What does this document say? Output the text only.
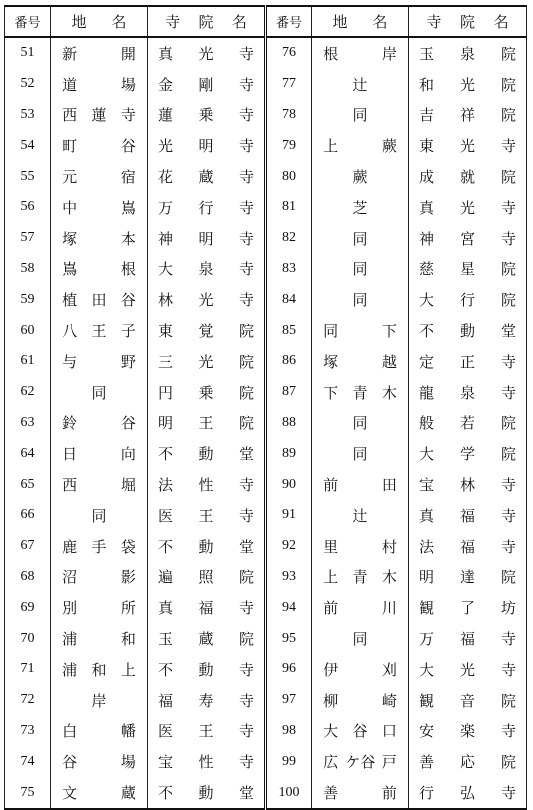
番号	地 名	寺 院 名	番号	地 名	寺 院 名

51	新 開	真 光 寺	76	根 岸	玉 泉 院

52	道 場	金 剛 寺	77	辻	和 光 院

53	西 蓮 寺	蓮 乗 寺	78	同	吉 祥 院

54	町 谷	光 明 寺	79	上 蕨	東 光 寺

55	元 宿	花 蔵 寺	80	蕨	成 就 院

56	中 嶌	万 行 寺	81	芝	真 光 寺

57	塚 本	神 明 寺	82	同	神 宮 寺

58	嶌 根	大 泉 寺	83	同	慈 星 院

59	植 田 谷	林 光 寺	84	同	大 行 院

60	八 王 子	東 覚 院	85	同 下	不 動 堂

61	与 野	三 光 院	86	塚 越	定 正 寺

62	同	円 乗 院	87	下 青 木	龍 泉 寺

63	鈴 谷	明 王 院	88	同	般 若 院

64	日 向	不 動 堂	89	同	大 学 院

65	西 堀	法 性 寺	90	前 田	宝 林 寺

66	同	医 王 寺	91	辻	真 福 寺

67	鹿 手 袋	不 動 堂	92	里 村	法 福 寺

68	沼 影	遍 照 院	93	上 青 木	明 達 院

69	別 所	真 福 寺	94	前 川	観 了 坊

70	浦 和	玉 蔵 院	95	同	万 福 寺

71	浦 和 上	不 動 寺	96	伊 刈	大 光 寺

72	岸	福 寿 寺	97	柳 崎	観 音 院

73	白 幡	医 王 寺	98	大 谷 口	安 楽 寺

74	谷 場	宝 性 寺	99	広 ケ谷 戸	善 応 院

75	文 蔵	不 動 堂	100	善 前	行 弘 寺
